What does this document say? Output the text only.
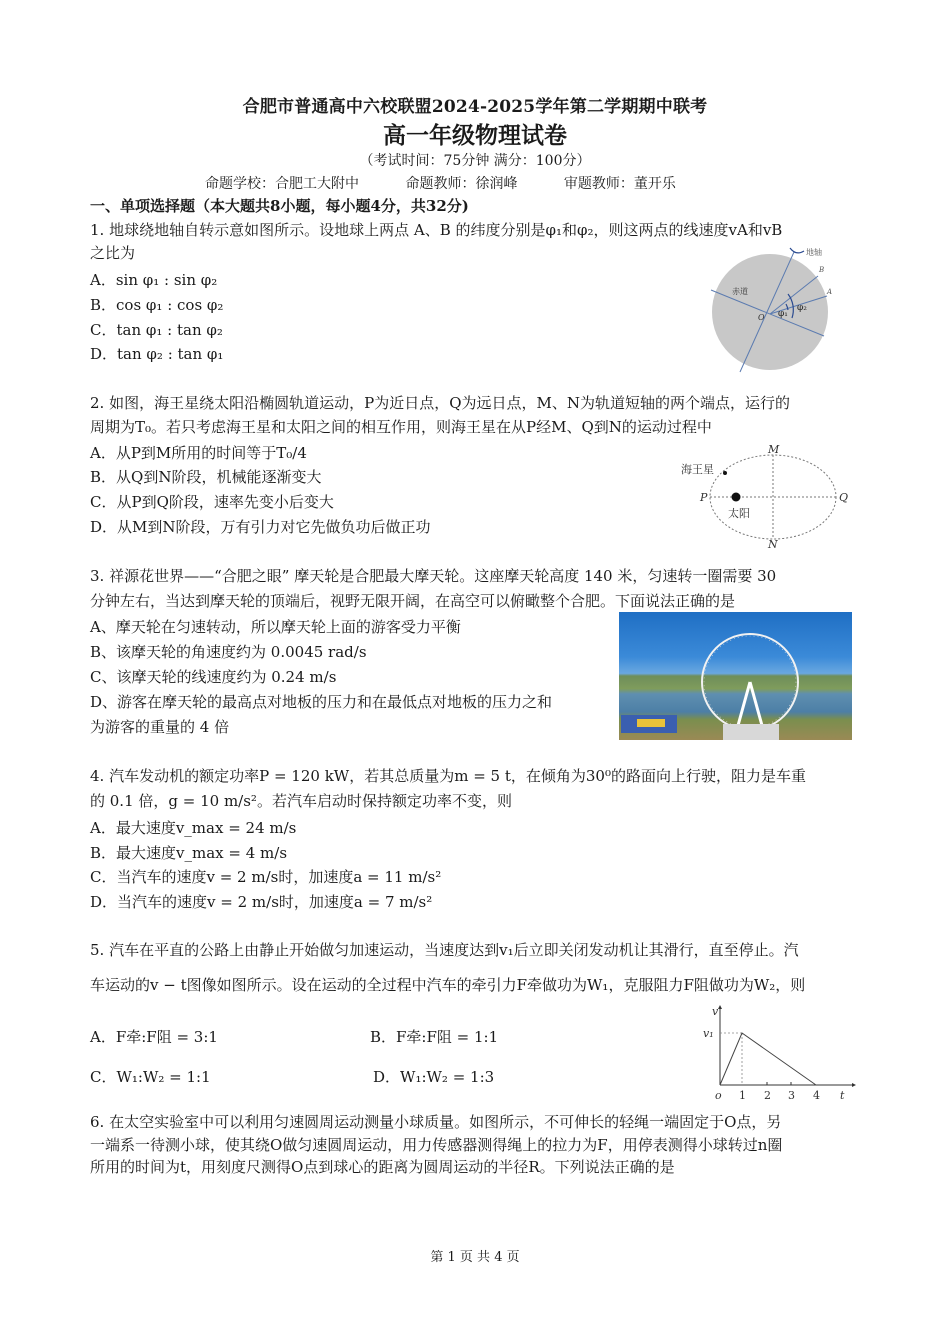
合肥市普通高中六校联盟2024-2025学年第二学期期中联考
高一年级物理试卷
（考试时间：75分钟 满分：100分）
命题学校：合肥工大附中	命题教师：徐润峰	审题教师：董开乐
一、单项选择题（本大题共8小题，每小题4分，共32分)
1. 地球绕地轴自转示意如图所示。设地球上两点 A、B 的纬度分别是φ₁和φ₂，则这两点的线速度vA和vB
之比为
A．sin φ₁ : sin φ₂
B．cos φ₁ : cos φ₂
C．tan φ₁ : tan φ₂
D．tan φ₂ : tan φ₁
地轴
赤道
O
B
A
φ₁
φ₂
2. 如图，海王星绕太阳沿椭圆轨道运动，P为近日点，Q为远日点，M、N为轨道短轴的两个端点，运行的
周期为T₀。若只考虑海王星和太阳之间的相互作用，则海王星在从P经M、Q到N的运动过程中
A．从P到M所用的时间等于T₀/4
B．从Q到N阶段，机械能逐渐变大
C．从P到Q阶段，速率先变小后变大
D．从M到N阶段，万有引力对它先做负功后做正功
海王星
太阳
P	Q
M
N
3. 祥源花世界——“合肥之眼” 摩天轮是合肥最大摩天轮。这座摩天轮高度 140 米，匀速转一圈需要 30
分钟左右，当达到摩天轮的顶端后，视野无限开阔，在高空可以俯瞰整个合肥。下面说法正确的是
A、摩天轮在匀速转动，所以摩天轮上面的游客受力平衡
B、该摩天轮的角速度约为 0.0045 rad/s
C、该摩天轮的线速度约为 0.24 m/s
D、游客在摩天轮的最高点对地板的压力和在最低点对地板的压力之和
为游客的重量的 4 倍
4. 汽车发动机的额定功率P = 120 kW，若其总质量为m = 5 t，在倾角为30⁰的路面向上行驶，阻力是车重
的 0.1 倍，g = 10 m/s²。若汽车启动时保持额定功率不变，则
A．最大速度v_max = 24 m/s
B．最大速度v_max = 4 m/s
C．当汽车的速度v = 2 m/s时，加速度a = 11 m/s²
D．当汽车的速度v = 2 m/s时，加速度a = 7 m/s²
5. 汽车在平直的公路上由静止开始做匀加速运动，当速度达到v₁后立即关闭发动机让其滑行，直至停止。汽
车运动的v − t图像如图所示。设在运动的全过程中汽车的牵引力F牵做功为W₁，克服阻力F阻做功为W₂，则
A．F牵:F阻 = 3:1	B．F牵:F阻 = 1:1
C．W₁:W₂ = 1:1	D．W₁:W₂ = 1:3
v
v₁
o 1 2 3 4 t
6. 在太空实验室中可以利用匀速圆周运动测量小球质量。如图所示，不可伸长的轻绳一端固定于O点，另
一端系一待测小球，使其绕O做匀速圆周运动，用力传感器测得绳上的拉力为F，用停表测得小球转过n圈
所用的时间为t，用刻度尺测得O点到球心的距离为圆周运动的半径R。下列说法正确的是
第 1 页 共 4 页
